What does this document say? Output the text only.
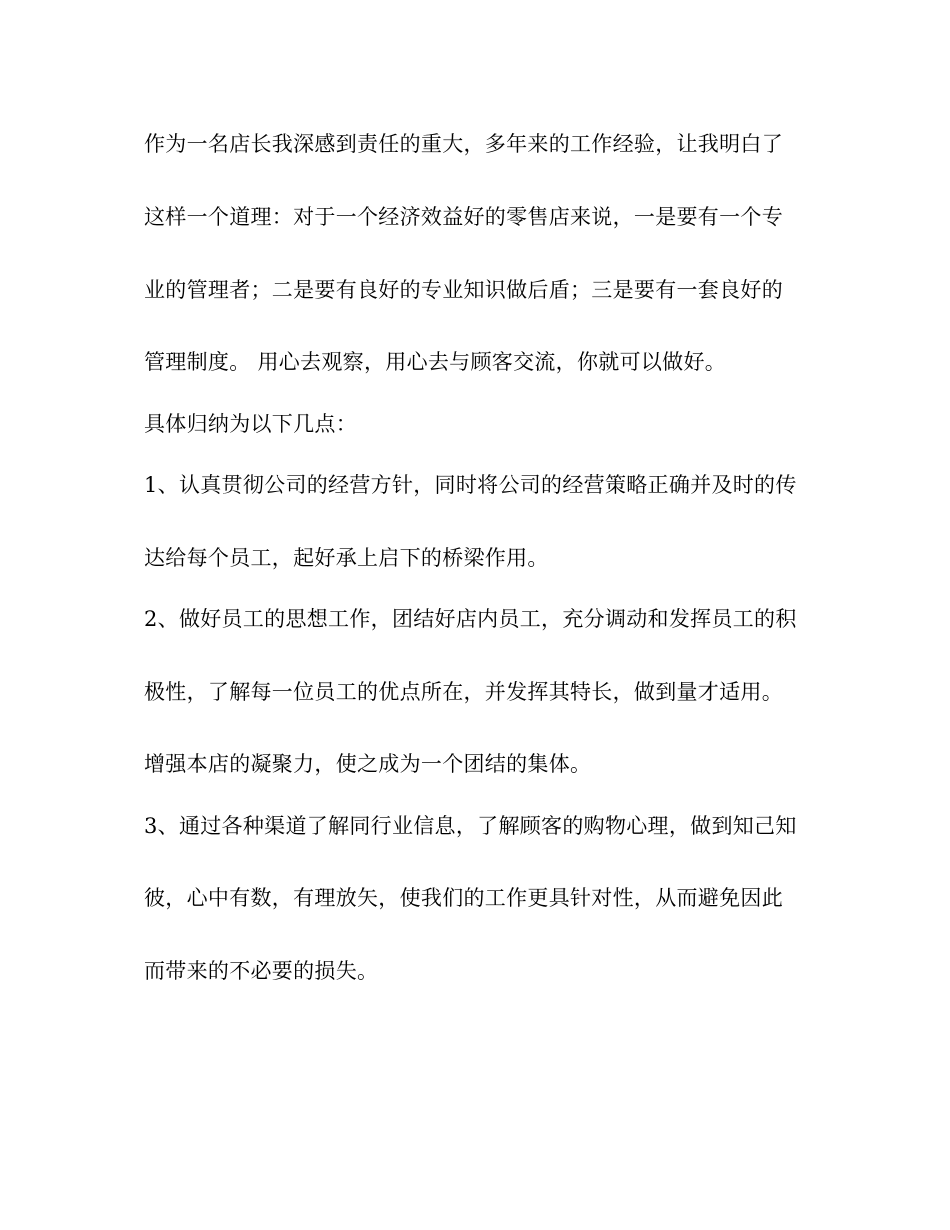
作为一名店长我深感到责任的重大，多年来的工作经验，让我明白了
这样一个道理：对于一个经济效益好的零售店来说，一是要有一个专
业的管理者；二是要有良好的专业知识做后盾；三是要有一套良好的
管理制度。 用心去观察，用心去与顾客交流，你就可以做好。
具体归纳为以下几点：
1、认真贯彻公司的经营方针，同时将公司的经营策略正确并及时的传
达给每个员工，起好承上启下的桥梁作用。
2、做好员工的思想工作，团结好店内员工，充分调动和发挥员工的积
极性，了解每一位员工的优点所在，并发挥其特长，做到量才适用。
增强本店的凝聚力，使之成为一个团结的集体。
3、通过各种渠道了解同行业信息，了解顾客的购物心理，做到知己知
彼，心中有数，有理放矢，使我们的工作更具针对性，从而避免因此
而带来的不必要的损失。
